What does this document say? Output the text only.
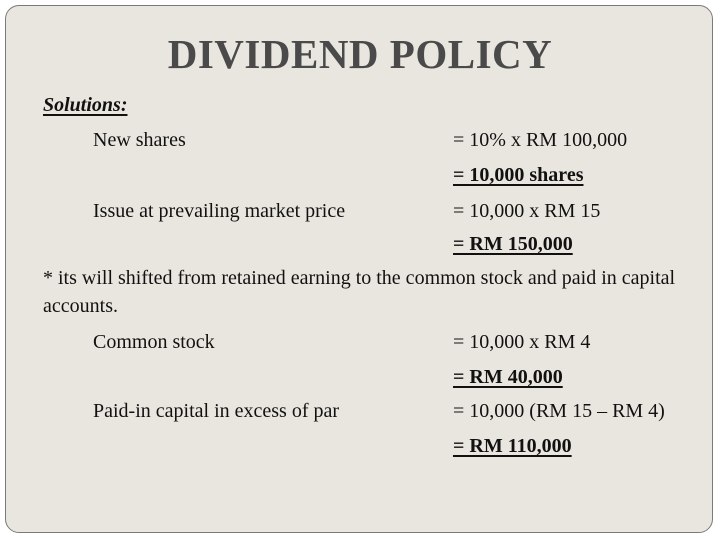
DIVIDEND POLICY
Solutions:
New shares	= 10% x RM 100,000
= 10,000 shares
Issue at prevailing market price	= 10,000 x RM 15
= RM 150,000
* its will shifted from retained earning to the common stock and paid in capital accounts.
Common stock	= 10,000 x RM 4
= RM 40,000
Paid-in capital in excess of par	= 10,000 (RM 15 – RM 4)
= RM 110,000
